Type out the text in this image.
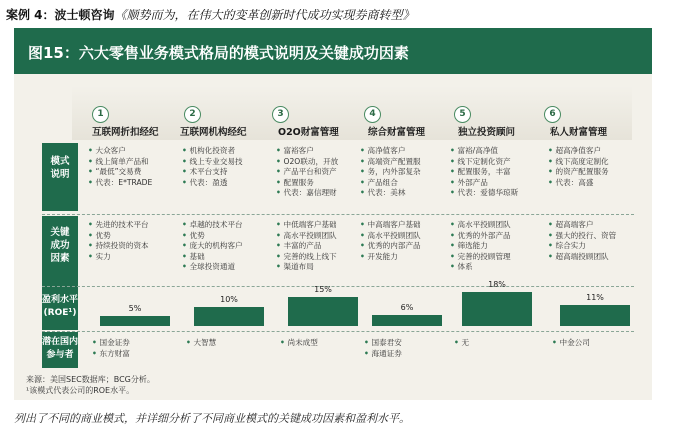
案例 4：波士顿咨询《顺势而为，在伟大的变革创新时代成功实现券商转型》
图15：六大零售业务模式格局的模式说明及关键成功因素
模式
说明
关键
成功
因素
盈利水平
(ROE¹)
潜在国内
参与者
1
互联网折扣经纪
• 大众客户
• 线上简单产品和
• “最低”交易费
• 代表：E*TRADE
• 先进的技术平台
• 优势
• 持续投资的资本
• 实力
5%
• 国金证券
• 东方财富
2
互联网机构经纪
• 机构化投资者
• 线上专业交易技
• 术平台支持
• 代表：盈透
• 卓越的技术平台
• 优势
• 庞大的机构客户
• 基础
• 全球投资通道
10%
• 大智慧
3
O2O财富管理
• 富裕客户
• O2O联动，开放
• 产品平台和资产
• 配置服务
• 代表：嘉信理财
• 中低端客户基础
• 高水平投顾团队
• 丰富的产品
• 完善的线上线下
• 渠道布局
15%
• 尚未成型
4
综合财富管理
• 高净值客户
• 高端资产配置服
• 务，内外部复杂
• 产品组合
• 代表：美林
• 中高端客户基础
• 高水平投顾团队
• 优秀的内部产品
• 开发能力
6%
• 国泰君安
• 海通证券
5
独立投资顾问
• 富裕/高净值
• 线下定制化资产
• 配置服务，丰富
• 外部产品
• 代表：爱德华琼斯
• 高水平投顾团队
• 优秀的外部产品
• 筛选能力
• 完善的投顾管理
• 体系
18%
• 无
6
私人财富管理
• 超高净值客户
• 线下高度定制化
• 的资产配置服务
• 代表：高盛
• 超高端客户
• 强大的投行、资管
• 综合实力
• 超高端投顾团队
11%
• 中金公司
来源：美国SEC数据库；BCG分析。
¹该模式代表公司的ROE水平。
列出了不同的商业模式，并详细分析了不同商业模式的关键成功因素和盈利水平。
